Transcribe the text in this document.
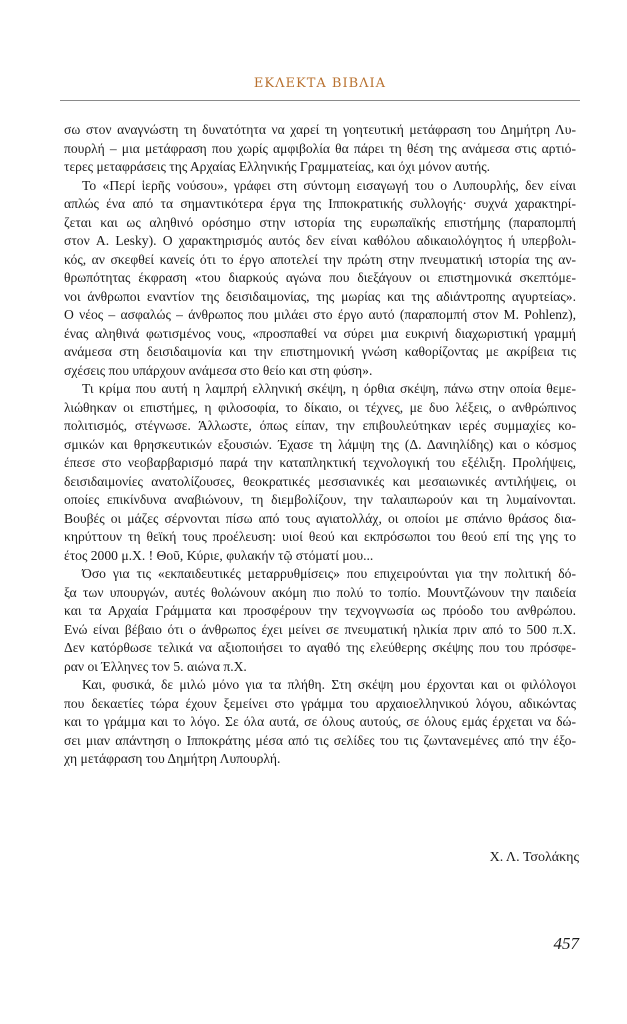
ΕΚΛΕΚΤΑ ΒΙΒΛΙΑ
σω στον αναγνώστη τη δυνατότητα να χαρεί τη γοητευτική μετάφραση του Δημήτρη Λυ-
πουρλή – μια μετάφραση που χωρίς αμφιβολία θα πάρει τη θέση της ανάμεσα στις αρτιό-
τερες μεταφράσεις της Αρχαίας Ελληνικής Γραμματείας, και όχι μόνον αυτής.
Το «Περί ἱερῆς νούσου», γράφει στη σύντομη εισαγωγή του ο Λυπουρλής, δεν είναι
απλώς ένα από τα σημαντικότερα έργα της Ιπποκρατικής συλλογής· συχνά χαρακτηρί-
ζεται και ως αληθινό ορόσημο στην ιστορία της ευρωπαϊκής επιστήμης (παραπομπή
στον A. Lesky). Ο χαρακτηρισμός αυτός δεν είναι καθόλου αδικαιολόγητος ή υπερβολι-
κός, αν σκεφθεί κανείς ότι το έργο αποτελεί την πρώτη στην πνευματική ιστορία της αν-
θρωπότητας έκφραση «του διαρκούς αγώνα που διεξάγουν οι επιστημονικά σκεπτόμε-
νοι άνθρωποι εναντίον της δεισιδαιμονίας, της μωρίας και της αδιάντροπης αγυρτείας».
Ο νέος – ασφαλώς – άνθρωπος που μιλάει στο έργο αυτό (παραπομπή στον M. Pohlenz),
ένας αληθινά φωτισμένος νους, «προσπαθεί να σύρει μια ευκρινή διαχωριστική γραμμή
ανάμεσα στη δεισιδαιμονία και την επιστημονική γνώση καθορίζοντας με ακρίβεια τις
σχέσεις που υπάρχουν ανάμεσα στο θείο και στη φύση».
Τι κρίμα που αυτή η λαμπρή ελληνική σκέψη, η όρθια σκέψη, πάνω στην οποία θεμε-
λιώθηκαν οι επιστήμες, η φιλοσοφία, το δίκαιο, οι τέχνες, με δυο λέξεις, ο ανθρώπινος
πολιτισμός, στέγνωσε. Άλλωστε, όπως είπαν, την επιβουλεύτηκαν ιερές συμμαχίες κο-
σμικών και θρησκευτικών εξουσιών. Έχασε τη λάμψη της (Δ. Δανιηλίδης) και ο κόσμος
έπεσε στο νεοβαρβαρισμό παρά την καταπληκτική τεχνολογική του εξέλιξη. Προλήψεις,
δεισιδαιμονίες ανατολίζουσες, θεοκρατικές μεσσιανικές και μεσαιωνικές αντιλήψεις, οι
οποίες επικίνδυνα αναβιώνουν, τη διεμβολίζουν, την ταλαιπωρούν και τη λυμαίνονται.
Βουβές οι μάζες σέρνονται πίσω από τους αγιατολλάχ, οι οποίοι με σπάνιο θράσος δια-
κηρύττουν τη θεϊκή τους προέλευση: υιοί θεού και εκπρόσωποι του θεού επί της γης το
έτος 2000 μ.Χ. ! Θοῦ, Κύριε, φυλακήν τῷ στόματί μου...
Όσο για τις «εκπαιδευτικές μεταρρυθμίσεις» που επιχειρούνται για την πολιτική δό-
ξα των υπουργών, αυτές θολώνουν ακόμη πιο πολύ το τοπίο. Μουντζώνουν την παιδεία
και τα Αρχαία Γράμματα και προσφέρουν την τεχνογνωσία ως πρόοδο του ανθρώπου.
Ενώ είναι βέβαιο ότι ο άνθρωπος έχει μείνει σε πνευματική ηλικία πριν από το 500 π.Χ.
Δεν κατόρθωσε τελικά να αξιοποιήσει το αγαθό της ελεύθερης σκέψης που του πρόσφε-
ραν οι Έλληνες τον 5. αιώνα π.Χ.
Και, φυσικά, δε μιλώ μόνο για τα πλήθη. Στη σκέψη μου έρχονται και οι φιλόλογοι
που δεκαετίες τώρα έχουν ξεμείνει στο γράμμα του αρχαιοελληνικού λόγου, αδικώντας
και το γράμμα και το λόγο. Σε όλα αυτά, σε όλους αυτούς, σε όλους εμάς έρχεται να δώ-
σει μιαν απάντηση ο Ιπποκράτης μέσα από τις σελίδες του τις ζωντανεμένες από την έξο-
χη μετάφραση του Δημήτρη Λυπουρλή.
Χ. Λ. Τσολάκης
457
